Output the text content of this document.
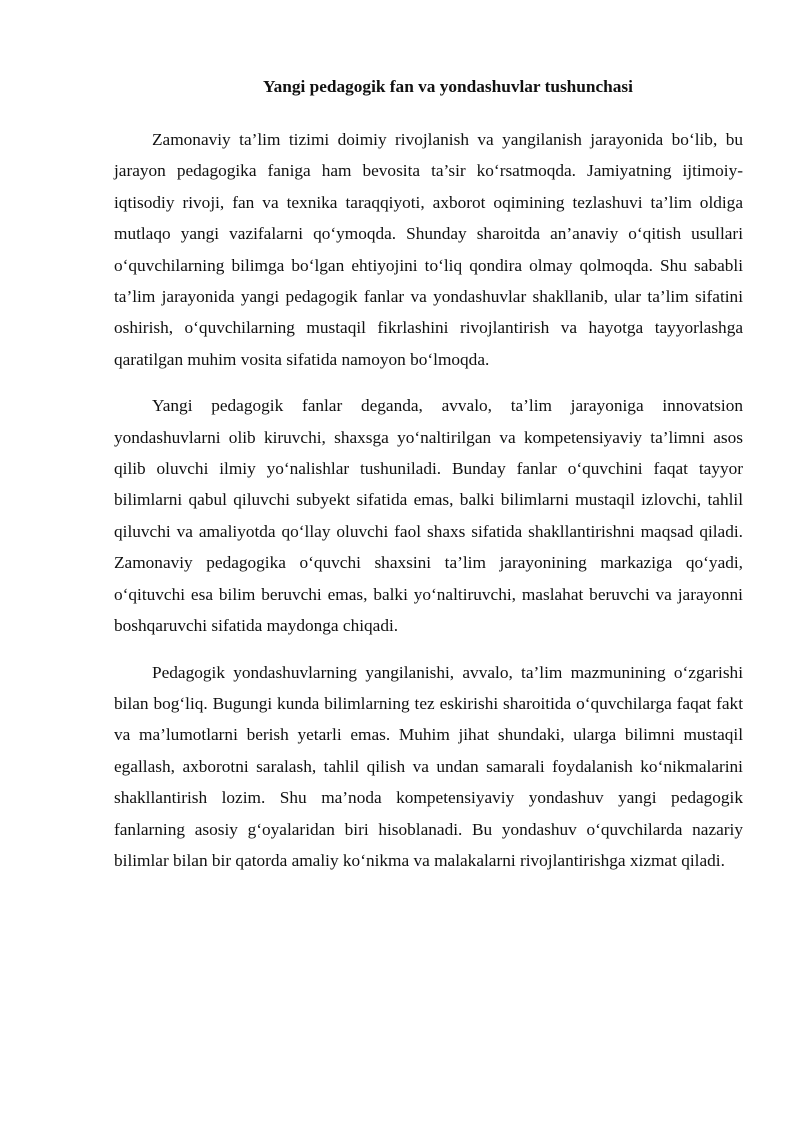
Yangi pedagogik fan va yondashuvlar tushunchasi

Zamonaviy ta’lim tizimi doimiy rivojlanish va yangilanish jarayonida bo‘lib, bu jarayon pedagogika faniga ham bevosita ta’sir ko‘rsatmoqda. Jamiyatning ijtimoiy-iqtisodiy rivoji, fan va texnika taraqqiyoti, axborot oqimining tezlashuvi ta’lim oldiga mutlaqo yangi vazifalarni qo‘ymoqda. Shunday sharoitda an’anaviy o‘qitish usullari o‘quvchilarning bilimga bo‘lgan ehtiyojini to‘liq qondira olmay qolmoqda. Shu sababli ta’lim jarayonida yangi pedagogik fanlar va yondashuvlar shakllanib, ular ta’lim sifatini oshirish, o‘quvchilarning mustaqil fikrlashini rivojlantirish va hayotga tayyorlashga qaratilgan muhim vosita sifatida namoyon bo‘lmoqda.

Yangi pedagogik fanlar deganda, avvalo, ta’lim jarayoniga innovatsion yondashuvlarni olib kiruvchi, shaxsga yo‘naltirilgan va kompetensiyaviy ta’limni asos qilib oluvchi ilmiy yo‘nalishlar tushuniladi. Bunday fanlar o‘quvchini faqat tayyor bilimlarni qabul qiluvchi subyekt sifatida emas, balki bilimlarni mustaqil izlovchi, tahlil qiluvchi va amaliyotda qo‘llay oluvchi faol shaxs sifatida shakllantirishni maqsad qiladi. Zamonaviy pedagogika o‘quvchi shaxsini ta’lim jarayonining markaziga qo‘yadi, o‘qituvchi esa bilim beruvchi emas, balki yo‘naltiruvchi, maslahat beruvchi va jarayonni boshqaruvchi sifatida maydonga chiqadi.

Pedagogik yondashuvlarning yangilanishi, avvalo, ta’lim mazmunining o‘zgarishi bilan bog‘liq. Bugungi kunda bilimlarning tez eskirishi sharoitida o‘quvchilarga faqat fakt va ma’lumotlarni berish yetarli emas. Muhim jihat shundaki, ularga bilimni mustaqil egallash, axborotni saralash, tahlil qilish va undan samarali foydalanish ko‘nikmalarini shakllantirish lozim. Shu ma’noda kompetensiyaviy yondashuv yangi pedagogik fanlarning asosiy g‘oyalaridan biri hisoblanadi. Bu yondashuv o‘quvchilarda nazariy bilimlar bilan bir qatorda amaliy ko‘nikma va malakalarni rivojlantirishga xizmat qiladi.
